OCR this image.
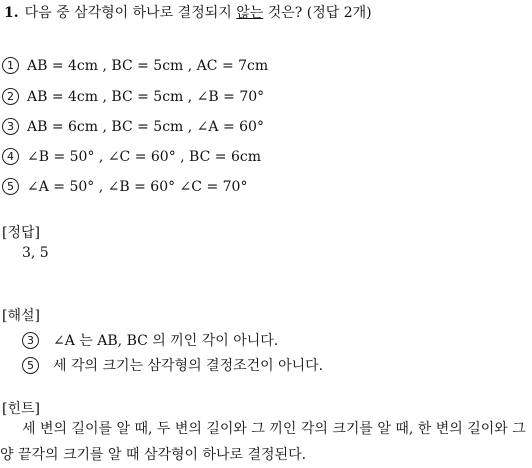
1. 다음 중 삼각형이 하나로 결정되지 않는 것은? (정답 2개)
1 AB = 4cm , BC = 5cm , AC = 7cm
2 AB = 4cm , BC = 5cm , ∠B = 70°
3 AB = 6cm , BC = 5cm , ∠A = 60°
4 ∠B = 50° , ∠C = 60° , BC = 6cm
5 ∠A = 50° , ∠B = 60° ∠C = 70°
[정답]
3, 5
[해설]
3 ∠A 는 AB, BC 의 끼인 각이 아니다.
5 세 각의 크기는 삼각형의 결정조건이 아니다.
[힌트]
세 변의 길이를 알 때, 두 변의 길이와 그 끼인 각의 크기를 알 때, 한 변의 길이와 그 양 끝각의 크기를 알 때 삼각형이 하나로 결정된다.
